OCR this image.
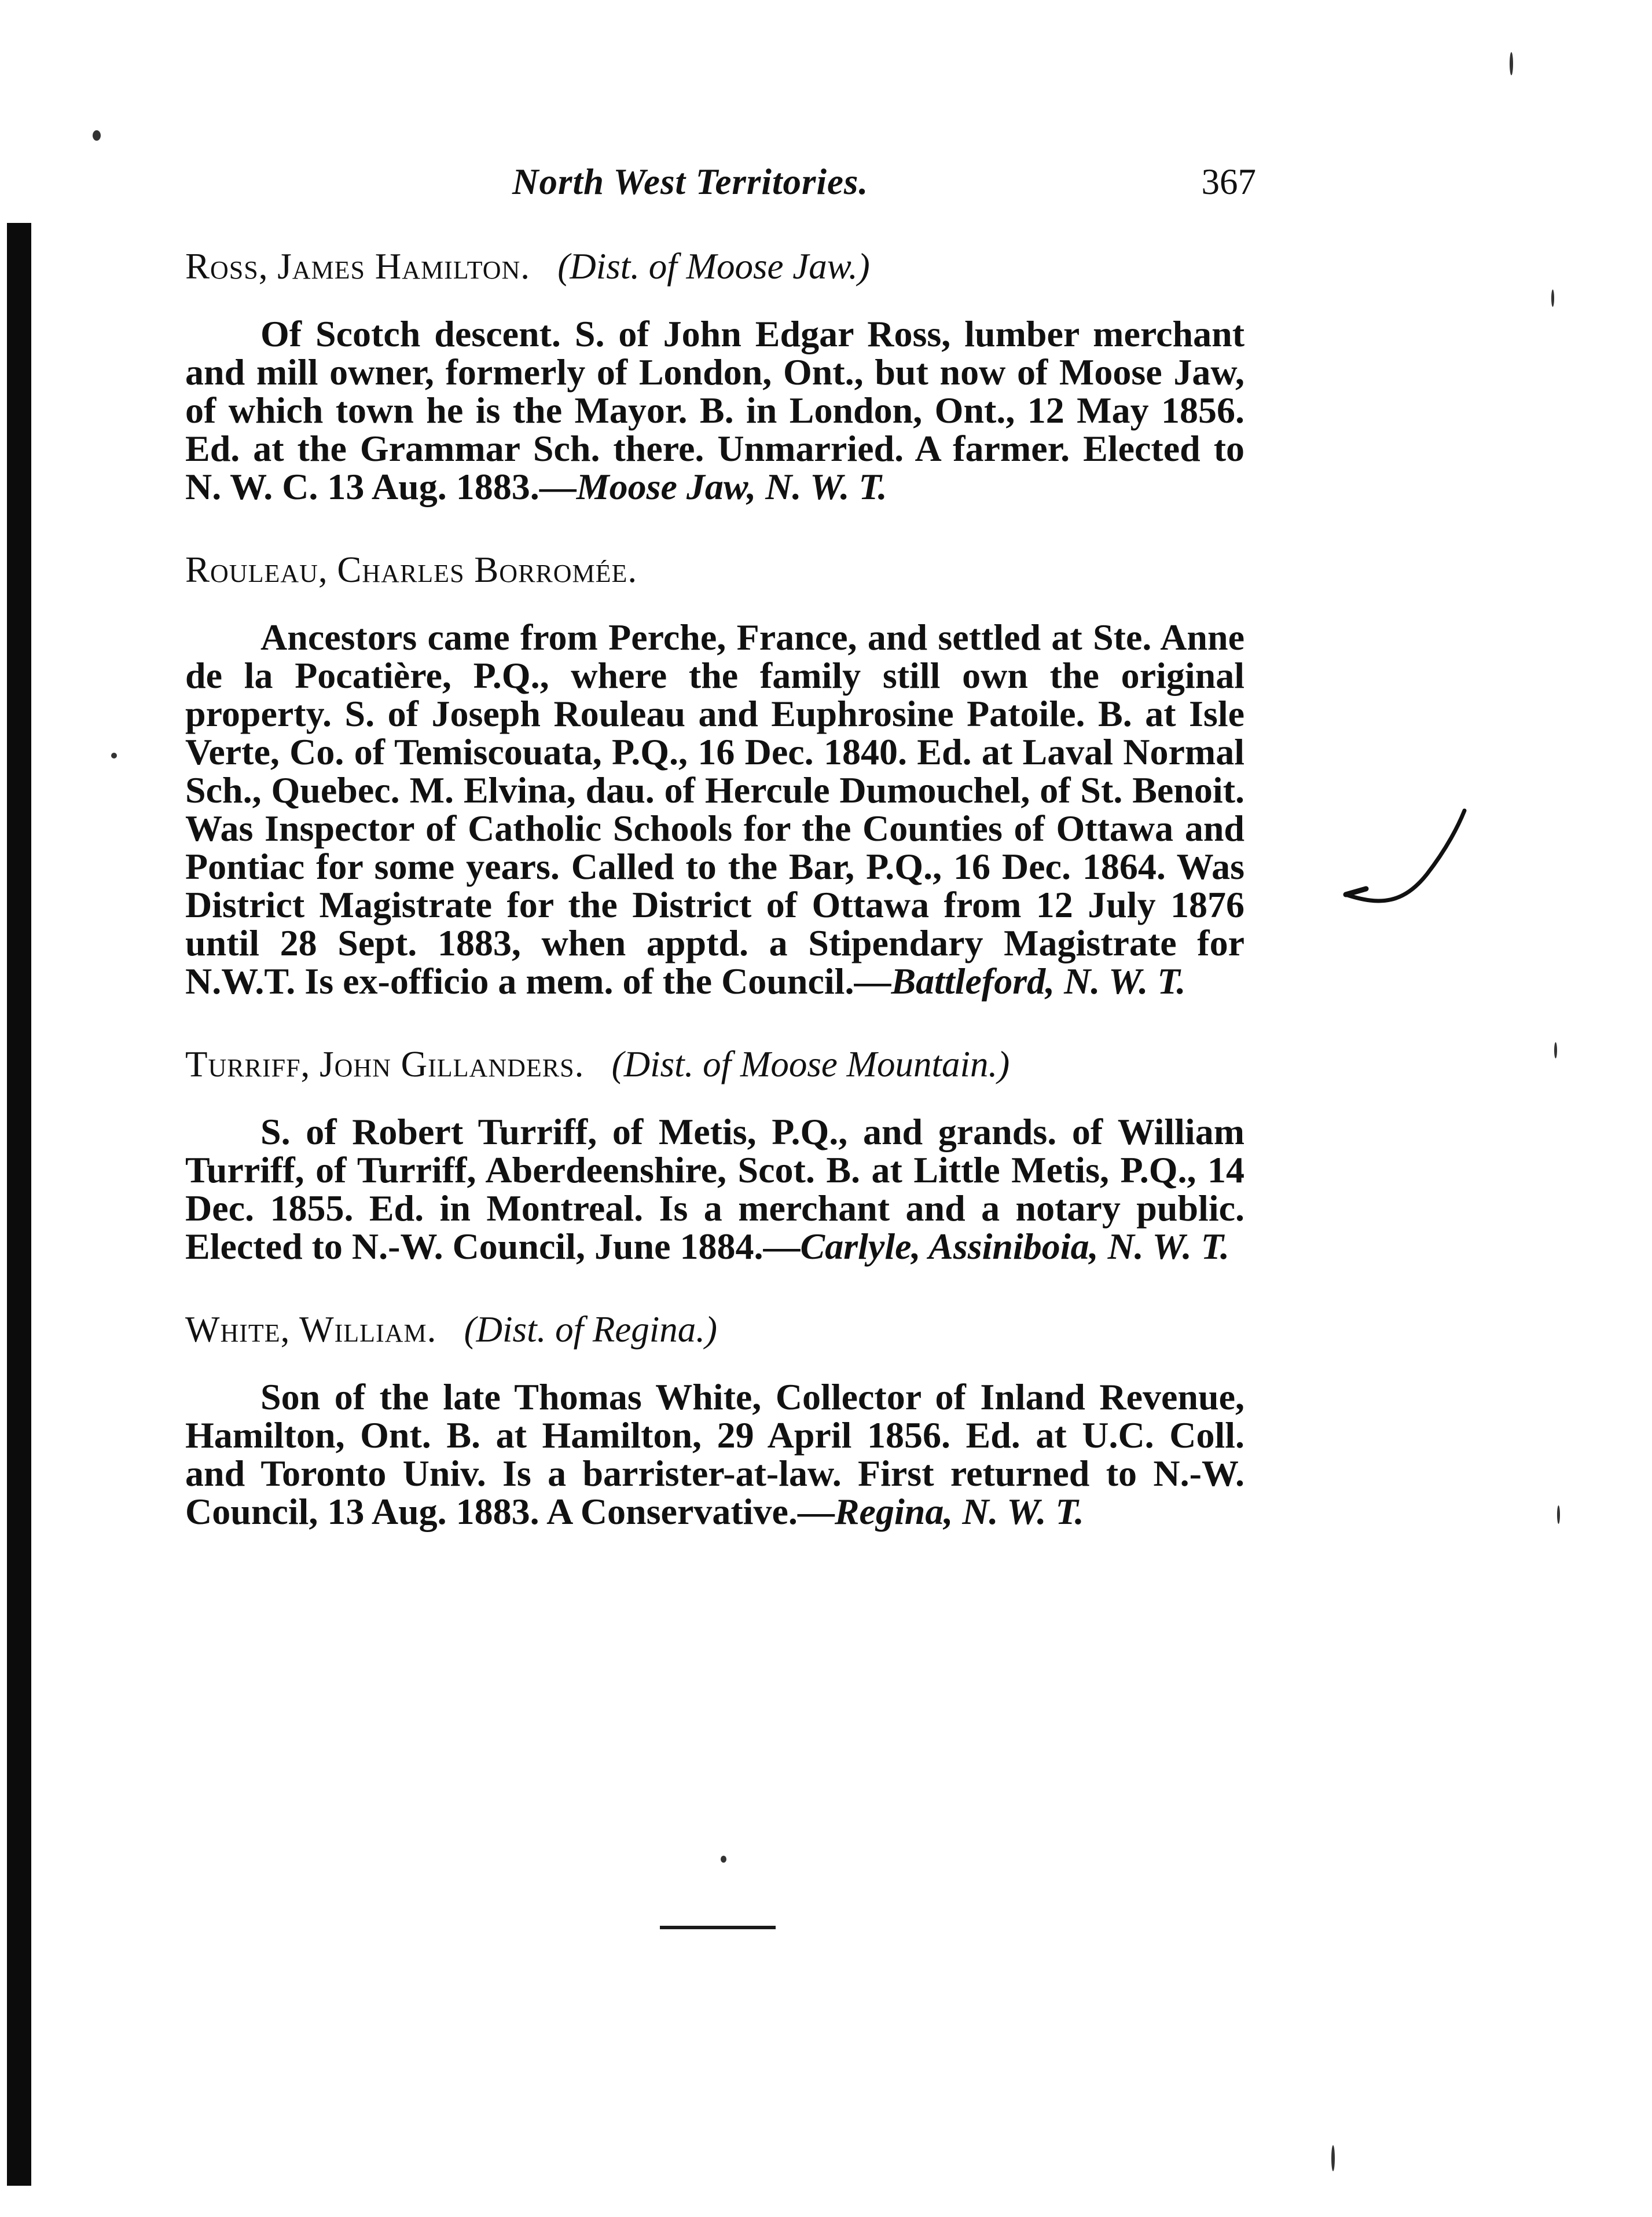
North West Territories.	367

Ross, James Hamilton. (Dist. of Moose Jaw.)

Of Scotch descent. S. of John Edgar Ross, lumber merchant and mill owner, formerly of London, Ont., but now of Moose Jaw, of which town he is the Mayor. B. in London, Ont., 12 May 1856. Ed. at the Grammar Sch. there. Unmarried. A farmer. Elected to N. W. C. 13 Aug. 1883.—Moose Jaw, N. W. T.

Rouleau, Charles Borromée.

Ancestors came from Perche, France, and settled at Ste. Anne de la Pocatière, P.Q., where the family still own the original property. S. of Joseph Rouleau and Euphrosine Patoile. B. at Isle Verte, Co. of Temiscouata, P.Q., 16 Dec. 1840. Ed. at Laval Normal Sch., Quebec. M. Elvina, dau. of Hercule Dumouchel, of St. Benoit. Was Inspector of Catholic Schools for the Counties of Ottawa and Pontiac for some years. Called to the Bar, P.Q., 16 Dec. 1864. Was District Magistrate for the District of Ottawa from 12 July 1876 until 28 Sept. 1883, when apptd. a Stipendary Magistrate for N.W.T. Is ex-officio a mem. of the Council.—Battleford, N. W. T.

Turriff, John Gillanders. (Dist. of Moose Mountain.)

S. of Robert Turriff, of Metis, P.Q., and grands. of William Turriff, of Turriff, Aberdeenshire, Scot. B. at Little Metis, P.Q., 14 Dec. 1855. Ed. in Montreal. Is a merchant and a notary public. Elected to N.-W. Council, June 1884.—Carlyle, Assiniboia, N. W. T.

White, William. (Dist. of Regina.)

Son of the late Thomas White, Collector of Inland Revenue, Hamilton, Ont. B. at Hamilton, 29 April 1856. Ed. at U.C. Coll. and Toronto Univ. Is a barrister-at-law. First returned to N.-W. Council, 13 Aug. 1883. A Conservative.—Regina, N. W. T.
